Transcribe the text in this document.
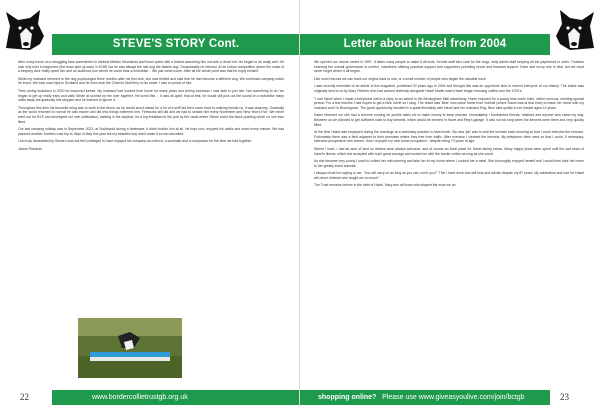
STEVE'S STORY Cont.

After many hours on a struggling farm somewhere in darkest Meldon Moorlands and hours spent with a tricked searching him out with a 'dead' kid. He began to do really well. He was only ever in beginners (the team split up early in 2018) but he was always the last dog the fastest dog. Occasionally he refused. At an indoor competition where the noise of a beeping door really upset him and an audience one where he could hear a motorbike... We just came home. After all the whole point was that he enjoy himself.

While my husband returned to the dog psychologist three months after his first visit, she was thrilled and said that he had become a different dog. We continued camping which he loved. We took road trips to Scotland and he even took the Chain to Mull ferry in his stride. I was so proud of him.

Then during lockdown in 2020 he improved further. My husband had worked from home for many years and during lockdown I was able to join him. Not something to do, we began to get up really early and walk Stevie at sunrise by the river together. He loved this ... it was all quiet, that at first, he would still pick out the sound of a motorbike many miles away but gradually this stopped and he learned to ignore it.

Throughout this time his favourite thing was to work in the drove, as he would scout ahead for a bit of a sniff but then come back to walking beside us, it was amazing. Gradually as the world returned to normal he was braver and did less things bothered him. Fireworks still did and we had to sedate him every November and New Year's Eve. We never went out for NYE and developed our own celebration, walking in the daytime, for a big breakfast in the pub by the canal where Stevie loved the black pudding which no one else liked.

Our last camping holiday was in September 2023, at Southwold during a heatwave, it didn't bother him at all. He kept cool, enjoyed his walks and loved every minute. We had planned another Scottish road trip to Skye in May this year but my beautiful boy didn't make it so we cancelled.

I am truly devastated by Stevie's loss but feel privileged to have enjoyed his company as a friend, a soulmate and a companion for the time we had together.

Jackie Richards

22	www.bordercollietrustgb.org.uk
Letter about Hazel from 2004

We opened our rescue centre in 1997. It takes many people to make it all work. Kennel staff who care for the dogs, daily admin staff keeping all the paperwork in order, Trustees ensuring the overall governance is correct, volunteers offering practical support and supporters providing moral and financial support. Each and every one is vital, but we must never forget where it all began.

Like most rescues we can trace our origins back to one, or a small number of people who began the valuable work.

I was recently reminded of an article in the magazine, published 20 years ago in 2004 and thought this was an opportune time to remind everyone of our history. The article was originally sent to us by Mary Fletcher who had worked tirelessly alongside Hazel Martin when Hazel began rescuing collies over the 1970's.

"I met Hazel when I made a telephone call to a reply to an advert in the Birmingham Mail advertising 'Home required for a young blue merle bitch, rather nervous, needing special person' For a few months I had hoped to get a blue merle so I rang. The result was 'Blue' who came home from Solihull (where Hazel was at that time) to make her home with my husband and I in Bromsgrove. The great opportunity resulted in a great friendship with Hazel and her husband Reg. Blue died quietly in her basket aged 14 years.

Hazel informed me she had a scheme running for jumble sales etc to make money to keep rescues. Immediately I bombarded friends, relatives and anyone who came my way. Between us we planned to get sufficient cash to buy kennels, which would be erected in Hazel and Reg's garage. It was not too long when the kennels were there and very quickly filled.

At the time Hazel was employed during the mornings at a veterinary practice in Alvechurch. My new 'job' was to visit the kennels each morning so that I could exercise the rescues. Fortunately there was a field adjacent to their premises where they free from traffic. After exercise I cleaned the kennels. My telephone often went so that I could, if necessary, interview prospective new homes. How I enjoyed my new found occupation - despite being 70 years of age.

Where I lived, I had an acre of land so visitors were always welcome, and of course an ideal place for Hazel taking extras. Many happy years were spent until the sad news of Hazel's illness, which she accepted with such great courage and worked on with the border collies as long as she could.

As she became very poorly I used to collect her mid-morning and take her to my home where I cooked her a meal. She thoroughly enjoyed herself and I would then take her home to her greatly loved animals.

I always recall her saying to me, "You will carry on as long as you can, won't you?" This I have done and still help and advise despite my 87 years. My admiration and love for Hazel will never diminish she taught me so much."

The Trust remains forever in the debt of Hazel, Mary and all those who shaped the work we do.

shopping online? Please use www.giveasyoulive.com/join/bctgb	23
